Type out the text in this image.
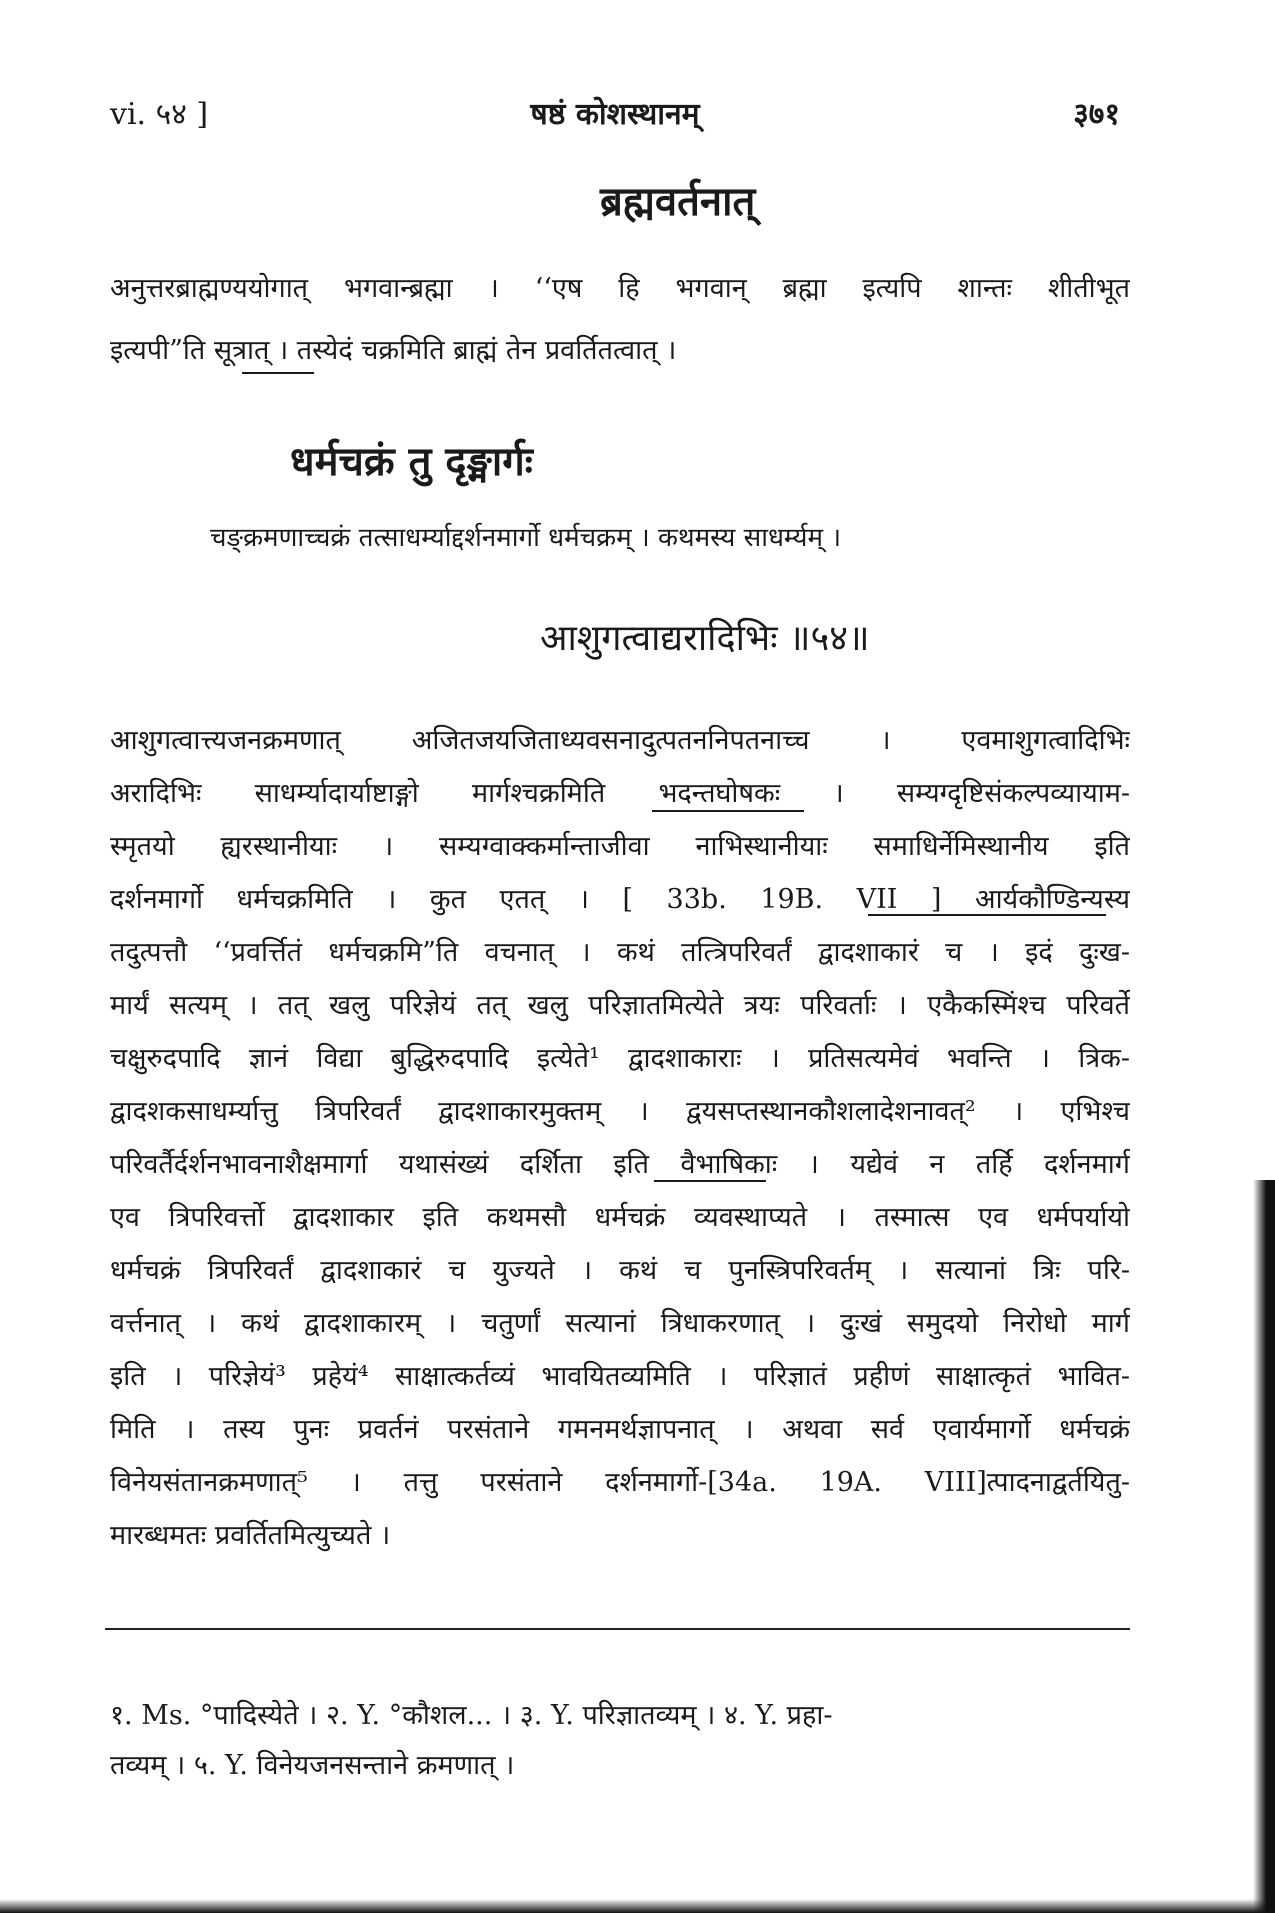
vi. ५४ ]	षष्ठं कोशस्थानम्	३७१
ब्रह्मवर्तनात्
अनुत्तरब्राह्मण्ययोगात् भगवान्ब्रह्मा । ‘‘एष हि भगवान् ब्रह्मा इत्यपि शान्तः शीतीभूत
इत्यपी”ति सूत्रात् । तस्येदं चक्रमिति ब्राह्मं तेन प्रवर्तितत्वात् ।
धर्मचक्रं तु दृङ्मार्गः
चङ्क्रमणाच्चक्रं तत्साधर्म्याद्दर्शनमार्गो धर्मचक्रम् । कथमस्य साधर्म्यम् ।
आशुगत्वाद्यरादिभिः ॥५४॥
आशुगत्वात्त्यजनक्रमणात् अजितजयजिताध्यवसनादुत्पतननिपतनाच्च । एवमाशुगत्वादिभिः
अरादिभिः साधर्म्यादार्याष्टाङ्गो मार्गश्चक्रमिति भदन्तघोषकः । सम्यग्दृष्टिसंकल्पव्यायाम-
स्मृतयो ह्यरस्थानीयाः । सम्यग्वाक्कर्मान्ताजीवा नाभिस्थानीयाः समाधिर्नेमिस्थानीय इति
दर्शनमार्गो धर्मचक्रमिति । कुत एतत् । [ 33b. 19B. VII ] आर्यकौण्डिन्यस्य
तदुत्पत्तौ ‘‘प्रवर्त्तितं धर्मचक्रमि”ति वचनात् । कथं तत्त्रिपरिवर्तं द्वादशाकारं च । इदं दुःख-
मार्यं सत्यम् । तत् खलु परिज्ञेयं तत् खलु परिज्ञातमित्येते त्रयः परिवर्ताः । एकैकस्मिंश्च परिवर्ते
चक्षुरुदपादि ज्ञानं विद्या बुद्धिरुदपादि इत्येते¹ द्वादशाकाराः । प्रतिसत्यमेवं भवन्ति । त्रिक-
द्वादशकसाधर्म्यात्तु त्रिपरिवर्तं द्वादशाकारमुक्तम् । द्वयसप्तस्थानकौशलादेशनावत्² । एभिश्च
परिवर्तैर्दर्शनभावनाशैक्षमार्गा यथासंख्यं दर्शिता इति वैभाषिकाः । यद्येवं न तर्हि दर्शनमार्ग
एव त्रिपरिवर्त्तो द्वादशाकार इति कथमसौ धर्मचक्रं व्यवस्थाप्यते । तस्मात्स एव धर्मपर्यायो
धर्मचक्रं त्रिपरिवर्तं द्वादशाकारं च युज्यते । कथं च पुनस्त्रिपरिवर्तम् । सत्यानां त्रिः परि-
वर्त्तनात् । कथं द्वादशाकारम् । चतुर्णां सत्यानां त्रिधाकरणात् । दुःखं समुदयो निरोधो मार्ग
इति । परिज्ञेयं³ प्रहेयं⁴ साक्षात्कर्तव्यं भावयितव्यमिति । परिज्ञातं प्रहीणं साक्षात्कृतं भावित-
मिति । तस्य पुनः प्रवर्तनं परसंताने गमनमर्थज्ञापनात् । अथवा सर्व एवार्यमार्गो धर्मचक्रं
विनेयसंतानक्रमणात्⁵ । तत्तु परसंताने दर्शनमार्गो-[34a. 19A. VIII]त्पादनाद्वर्तयितु-
मारब्धमतः प्रवर्तितमित्युच्यते ।
१. Ms. °पादिस्येते । २. Y. °कौशल... । ३. Y. परिज्ञातव्यम् । ४. Y. प्रहा-
तव्यम् । ५. Y. विनेयजनसन्ताने क्रमणात् ।
